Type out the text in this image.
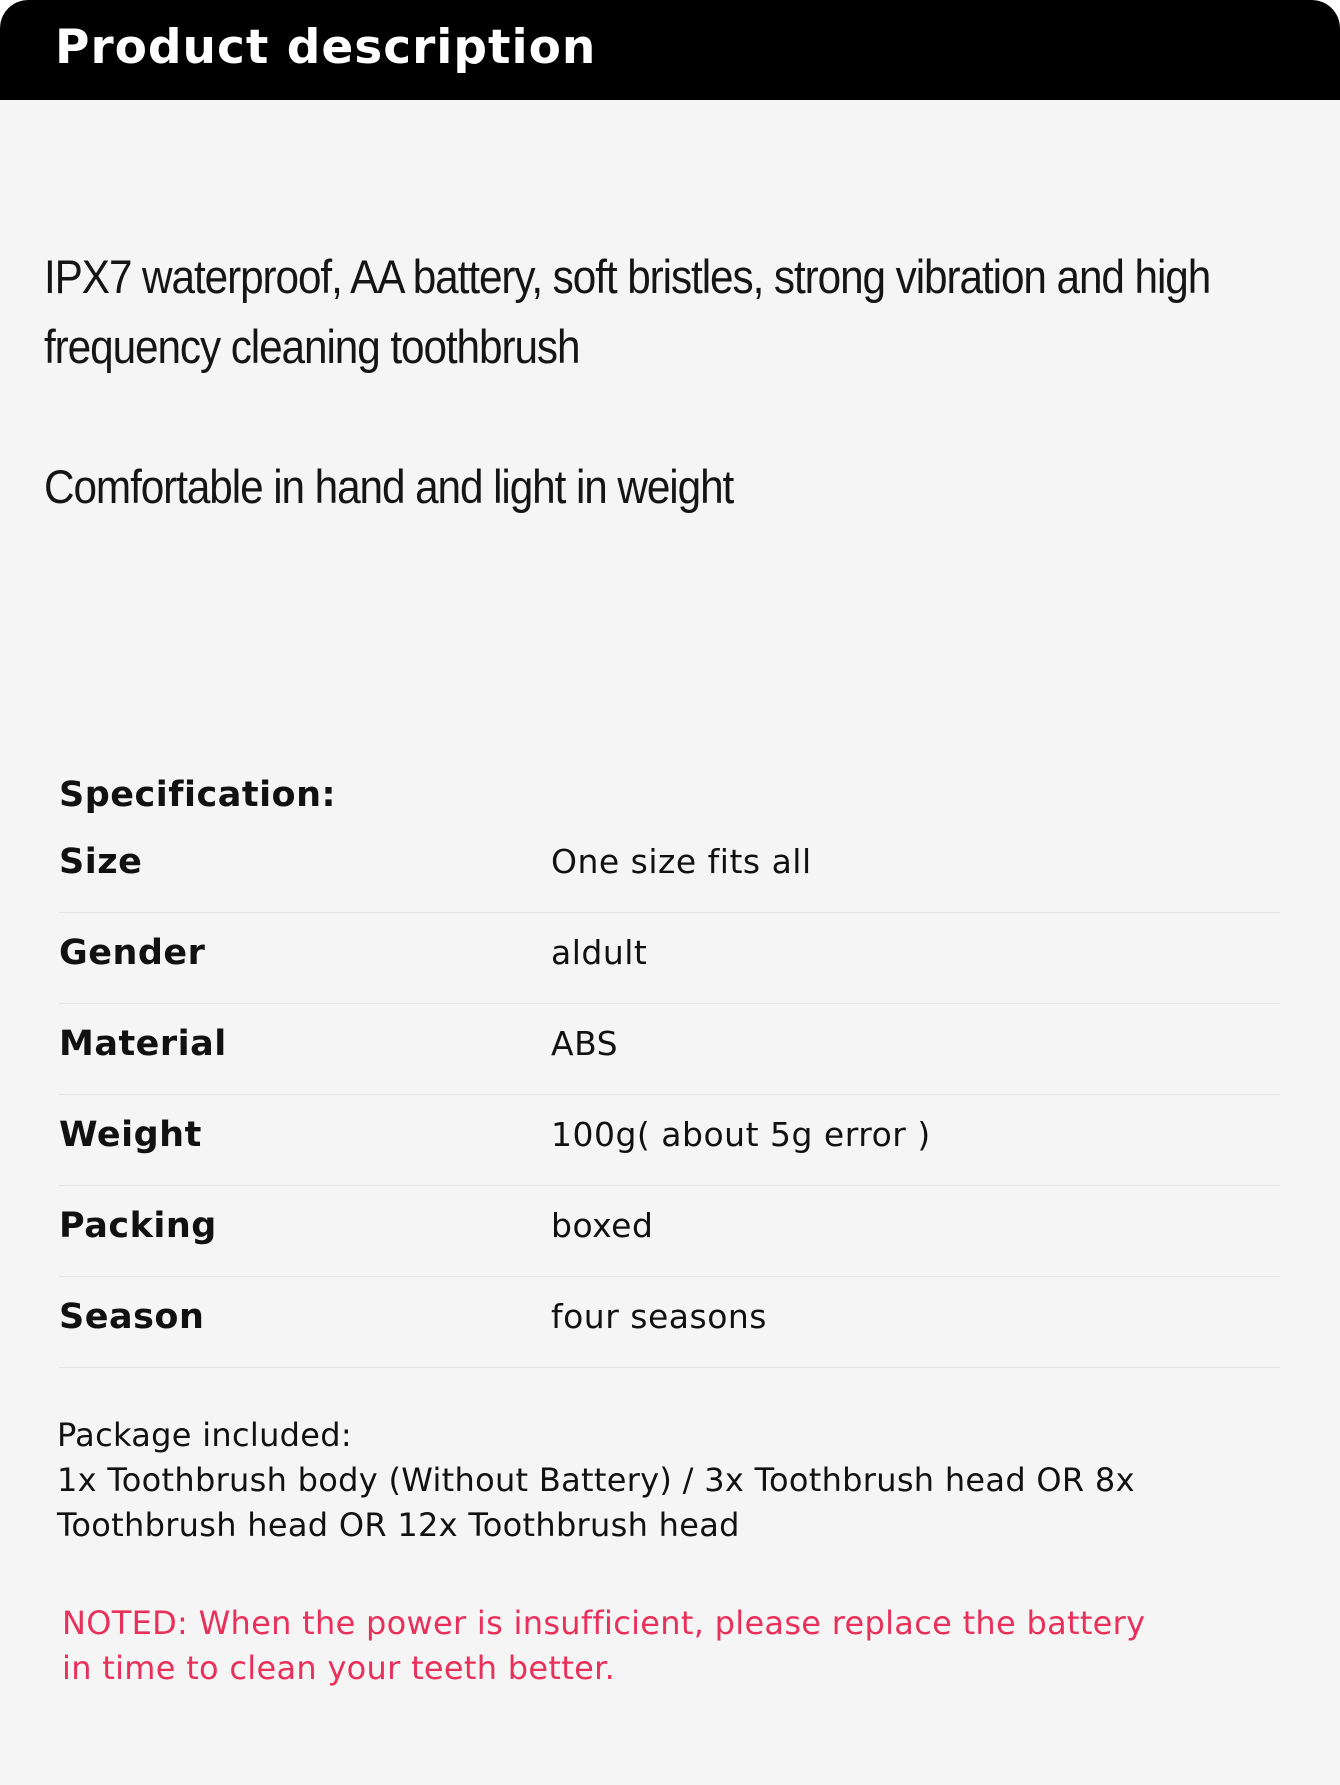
Product description
IPX7 waterproof, AA battery, soft bristles, strong vibration and high
frequency cleaning toothbrush
Comfortable in hand and light in weight
Specification:
Size	One size fits all
Gender	aldult
Material	ABS
Weight	100g( about 5g error )
Packing	boxed
Season	four seasons
Package included:
1x Toothbrush body (Without Battery) / 3x Toothbrush head OR 8x
Toothbrush head OR 12x Toothbrush head
NOTED: When the power is insufficient, please replace the battery
in time to clean your teeth better.
